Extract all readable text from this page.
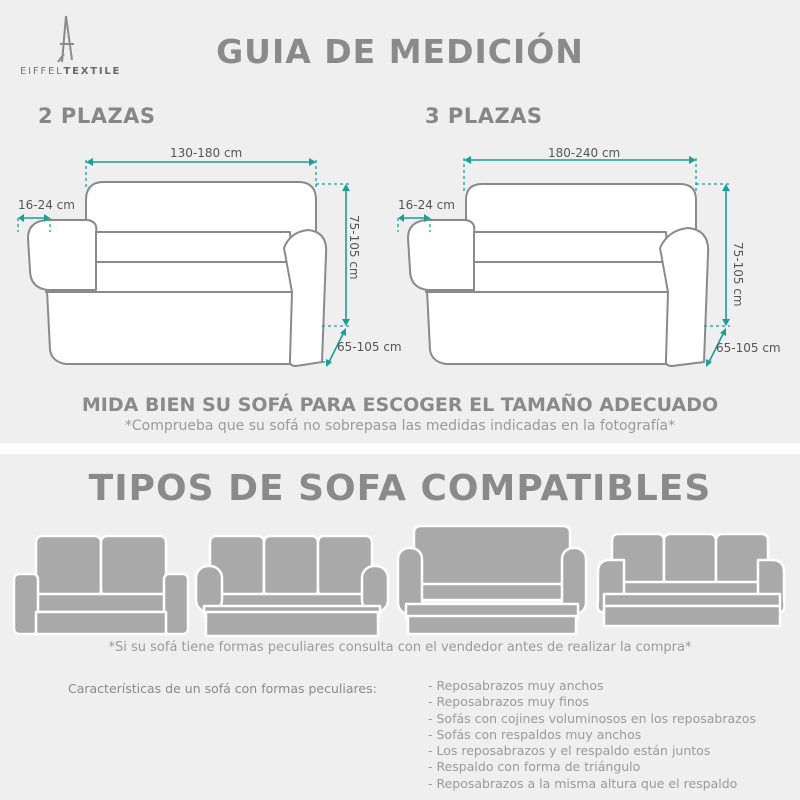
EIFFELTEXTILE
GUIA DE MEDICIÓN
2 PLAZAS	3 PLAZAS
130-180 cm
16-24 cm
75-105 cm
65-105 cm
180-240 cm
16-24 cm
75-105 cm
65-105 cm
MIDA BIEN SU SOFÁ PARA ESCOGER EL TAMAÑO ADECUADO
*Comprueba que su sofá no sobrepasa las medidas indicadas en la fotografía*
TIPOS DE SOFA COMPATIBLES
*Si su sofá tiene formas peculiares consulta con el vendedor antes de realizar la compra*
Características de un sofá con formas peculiares:	- Reposabrazos muy anchos
- Reposabrazos muy finos
- Sofás con cojines voluminosos en los reposabrazos
- Sofás con respaldos muy anchos
- Los reposabrazos y el respaldo están juntos
- Respaldo con forma de triángulo
- Reposabrazos a la misma altura que el respaldo
